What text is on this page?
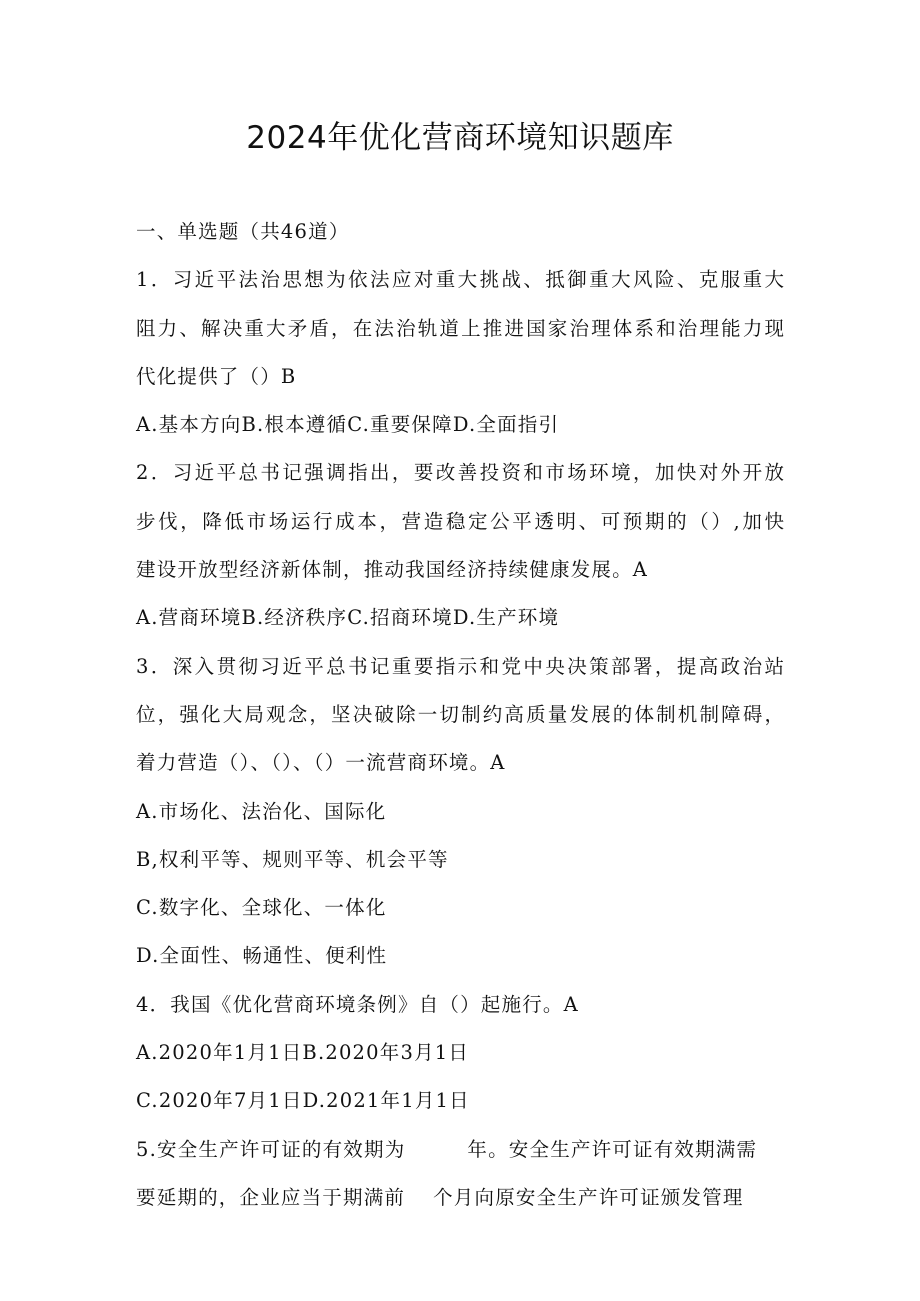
2024年优化营商环境知识题库
一、单选题（共46道）
1．习近平法治思想为依法应对重大挑战、抵御重大风险、克服重大
阻力、解决重大矛盾，在法治轨道上推进国家治理体系和治理能力现
代化提供了（）B
A.基本方向B.根本遵循C.重要保障D.全面指引
2．习近平总书记强调指出，要改善投资和市场环境，加快对外开放
步伐，降低市场运行成本，营造稳定公平透明、可预期的（）,加快
建设开放型经济新体制，推动我国经济持续健康发展。A
A.营商环境B.经济秩序C.招商环境D.生产环境
3．深入贯彻习近平总书记重要指示和党中央决策部署，提高政治站
位，强化大局观念，坚决破除一切制约高质量发展的体制机制障碍，
着力营造（）、（）、（）一流营商环境。A
A.市场化、法治化、国际化
B,权利平等、规则平等、机会平等
C.数字化、全球化、一体化
D.全面性、畅通性、便利性
4．我国《优化营商环境条例》自（）起施行。A
A.2020年1月1日B.2020年3月1日
C.2020年7月1日D.2021年1月1日
5.安全生产许可证的有效期为	年。安全生产许可证有效期满需
要延期的，企业应当于期满前 个月向原安全生产许可证颁发管理
